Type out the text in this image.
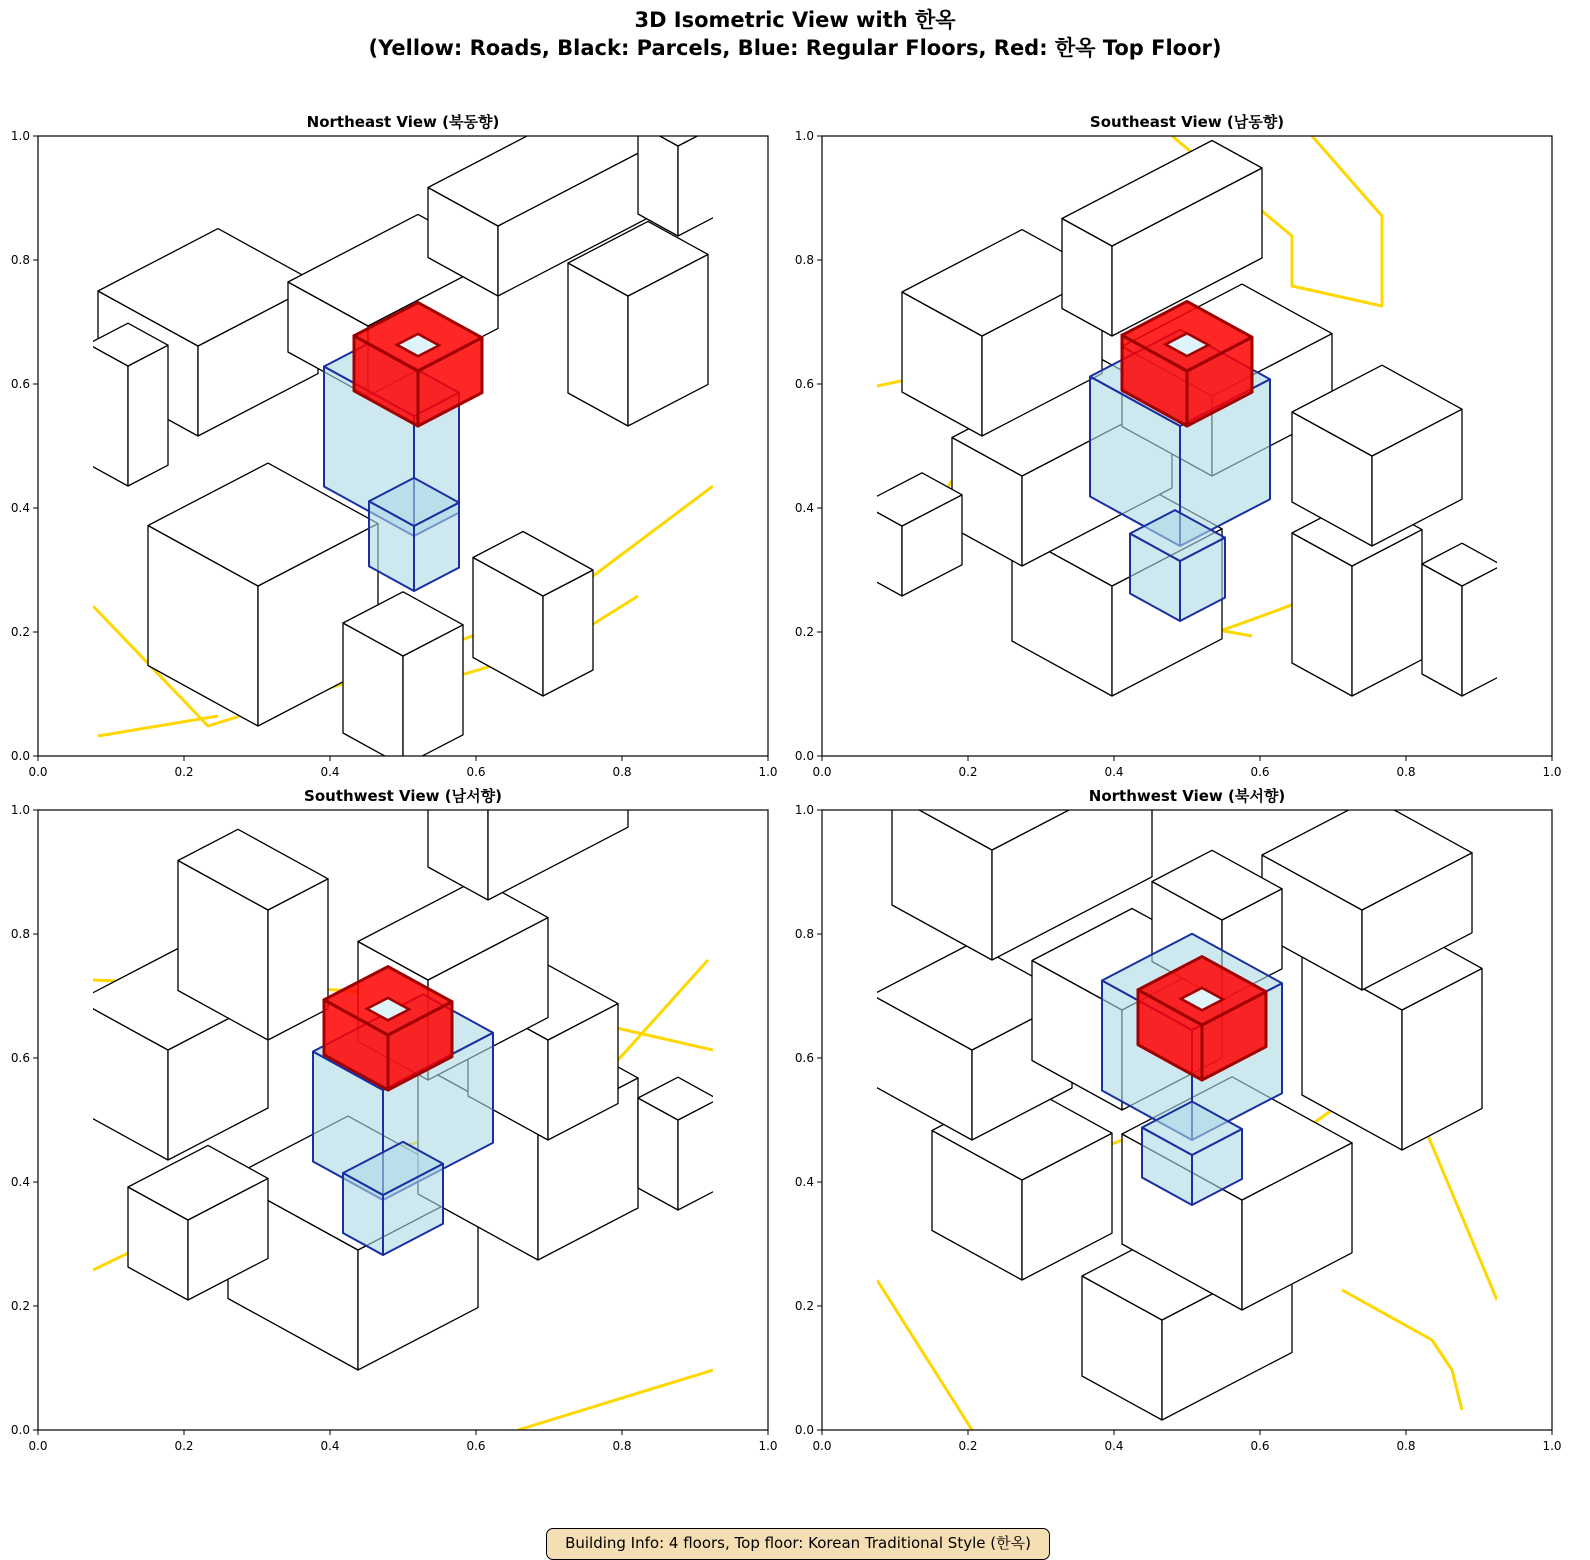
3D Isometric View with 한옥
(Yellow: Roads, Black: Parcels, Blue: Regular Floors, Red: 한옥 Top Floor)
Northeast View (북동향)	Southeast View (남동향)
Southwest View (남서향)	Northwest View (북서향)
0.0	0.2	0.4	0.6	0.8	1.0
0.0
0.2
0.4
0.6
0.8
1.0
0.0	0.2	0.4	0.6	0.8	1.0
0.0
0.2
0.4
0.6
0.8
1.0
0.0	0.2	0.4	0.6	0.8	1.0
0.0
0.2
0.4
0.6
0.8
1.0
0.0	0.2	0.4	0.6	0.8	1.0
0.0
0.2
0.4
0.6
0.8
1.0
Building Info: 4 floors, Top floor: Korean Traditional Style (한옥)
